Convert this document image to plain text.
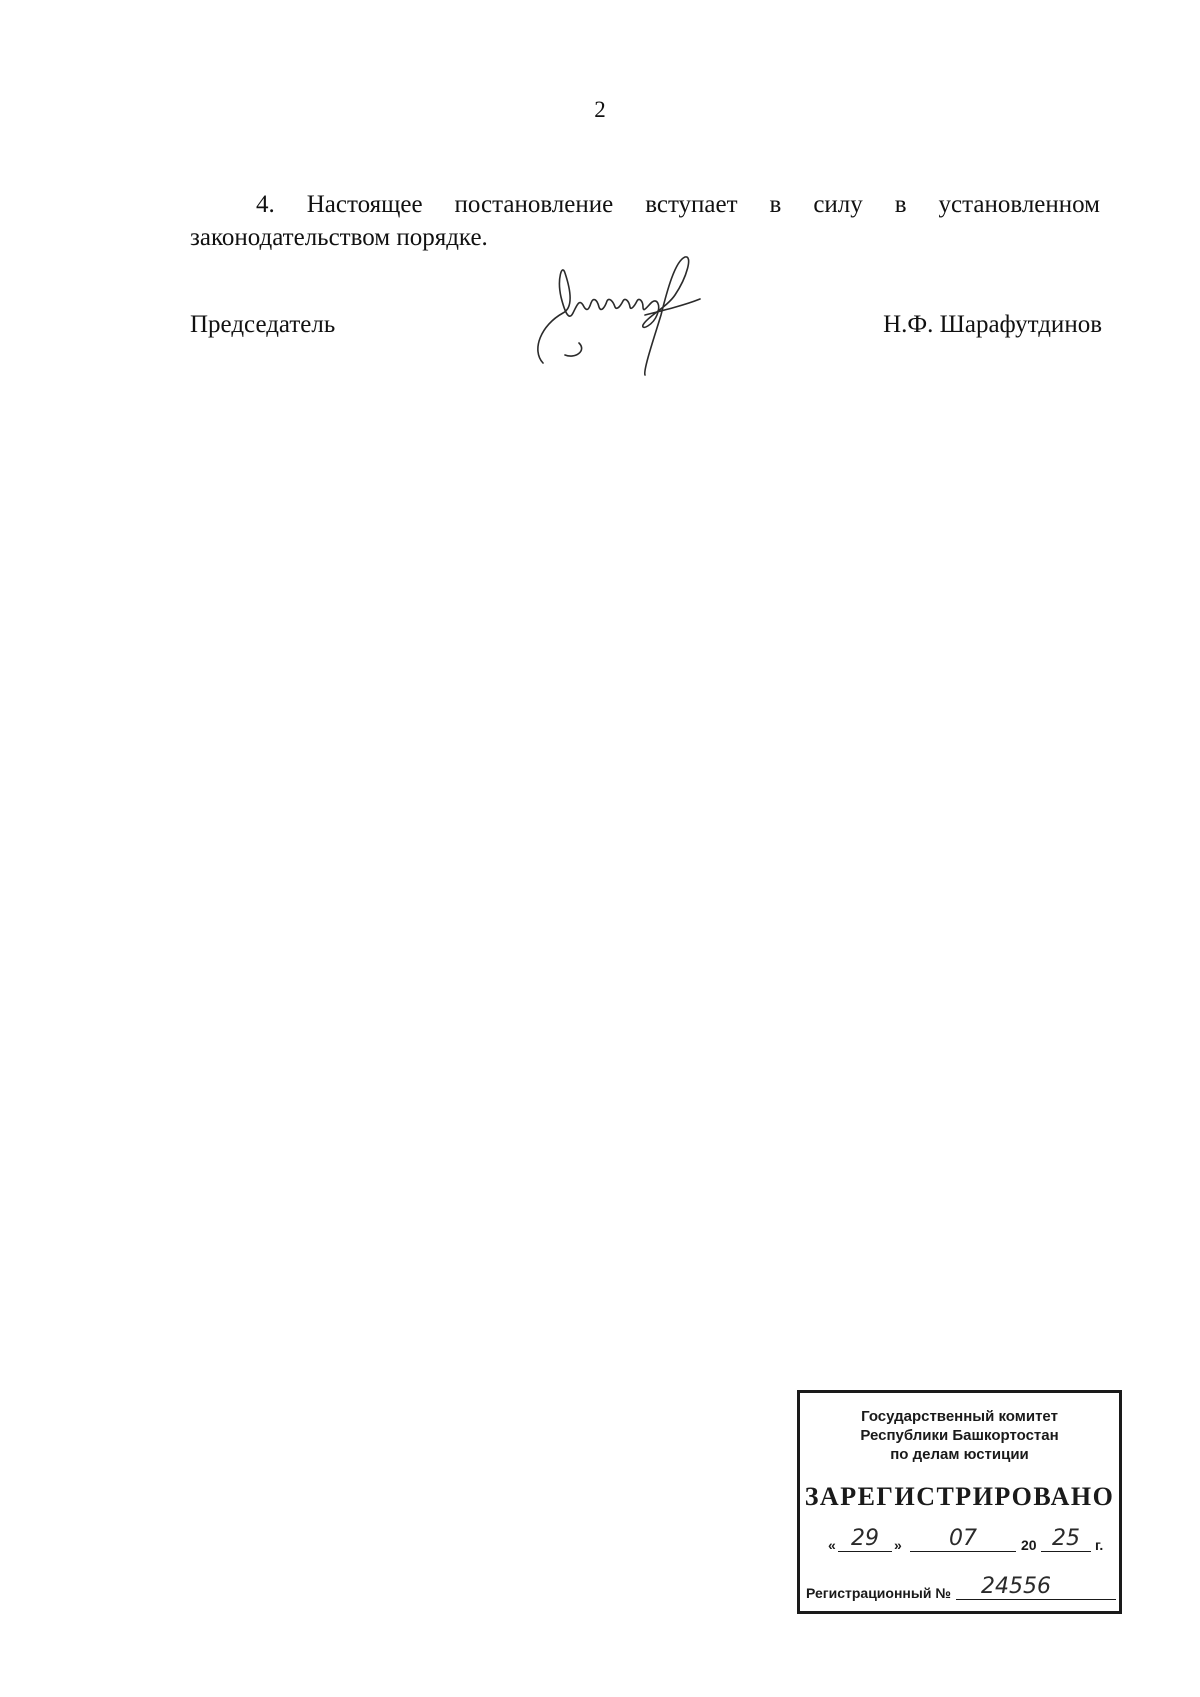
2

4. Настоящее постановление вступает в силу в установленном законодательством порядке.

Председатель	Н.Ф. Шарафутдинов
Государственный комитет
Республики Башкортостан
по делам юстиции
ЗАРЕГИСТРИРОВАНО
« 29	»	07	20 25	г.
Регистрационный №	24556
